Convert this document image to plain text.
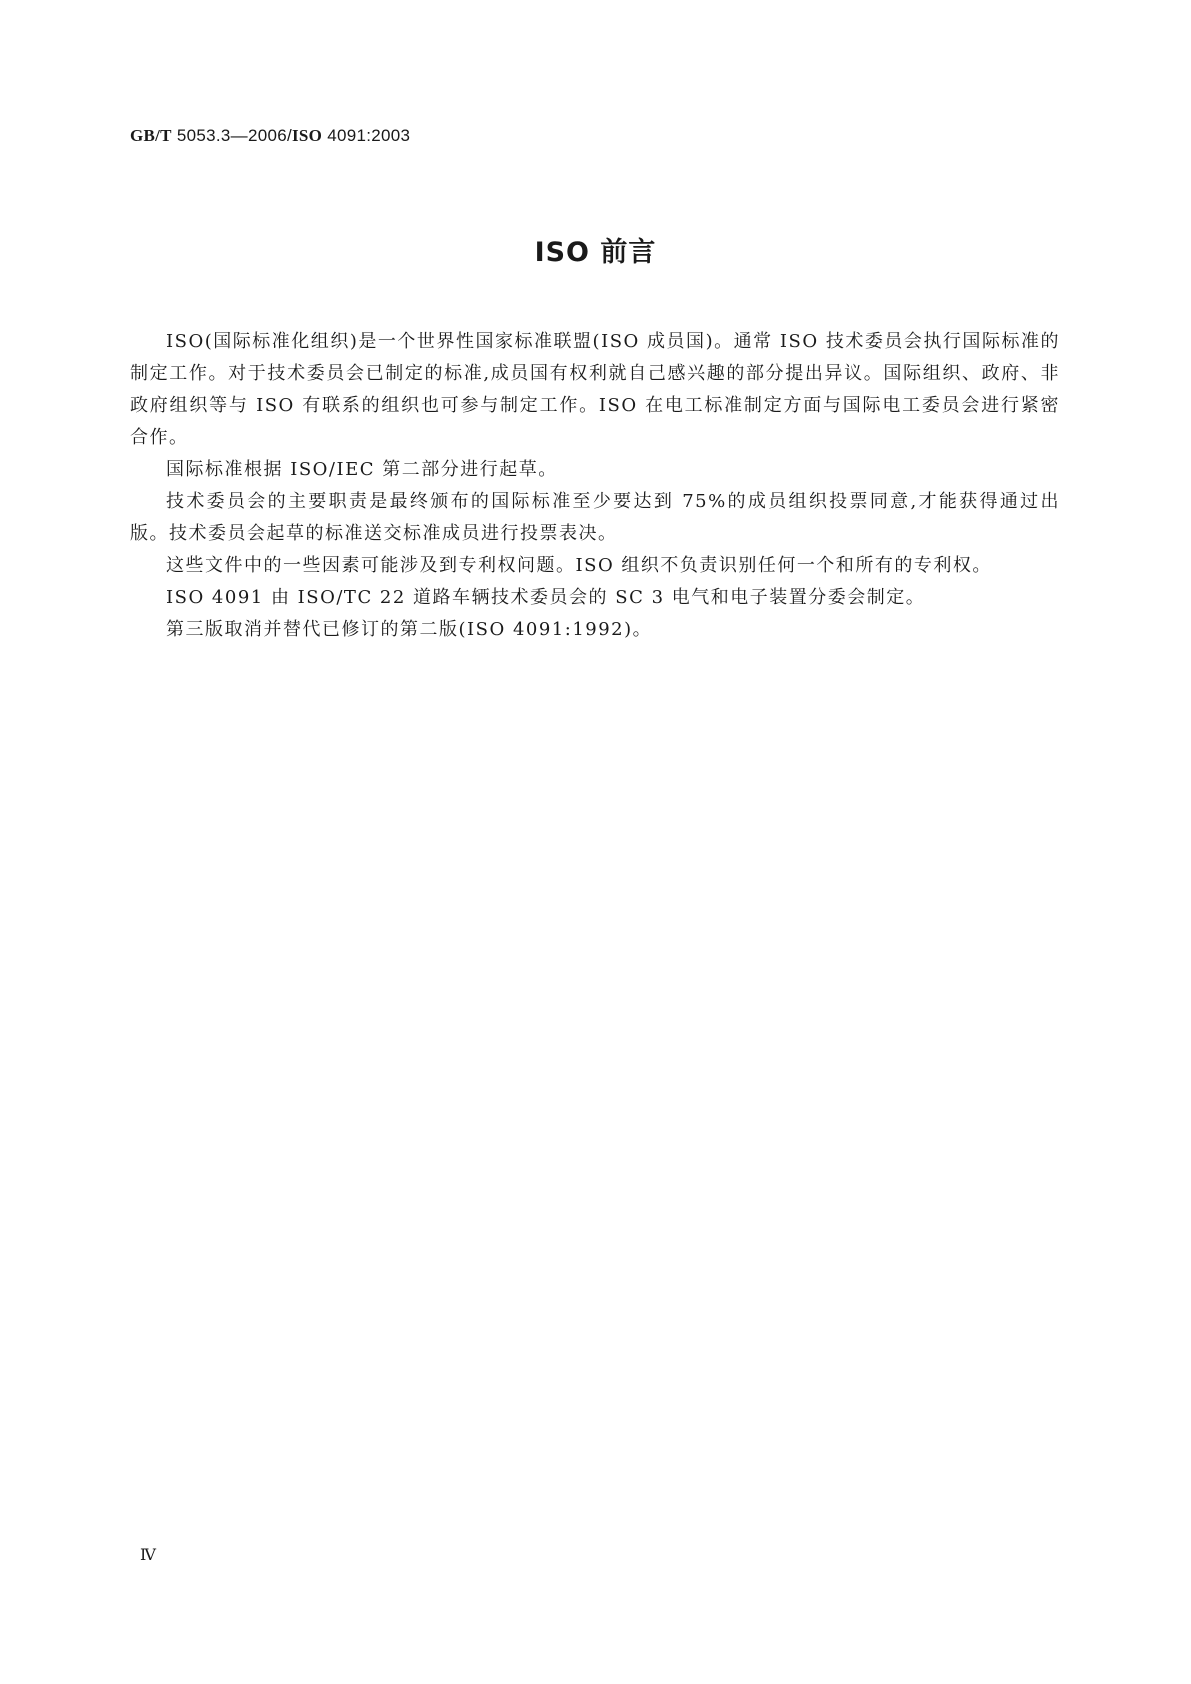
GB/T 5053.3—2006/ISO 4091:2003
ISO 前言

ISO(国际标准化组织)是一个世界性国家标准联盟(ISO 成员国)。通常 ISO 技术委员会执行国际标准的制定工作。对于技术委员会已制定的标准,成员国有权利就自己感兴趣的部分提出异议。国际组织、政府、非政府组织等与 ISO 有联系的组织也可参与制定工作。ISO 在电工标准制定方面与国际电工委员会进行紧密合作。

国际标准根据 ISO/IEC 第二部分进行起草。

技术委员会的主要职责是最终颁布的国际标准至少要达到 75%的成员组织投票同意,才能获得通过出版。技术委员会起草的标准送交标准成员进行投票表决。

这些文件中的一些因素可能涉及到专利权问题。ISO 组织不负责识别任何一个和所有的专利权。

ISO 4091 由 ISO/TC 22 道路车辆技术委员会的 SC 3 电气和电子装置分委会制定。

第三版取消并替代已修订的第二版(ISO 4091:1992)。

Ⅳ
